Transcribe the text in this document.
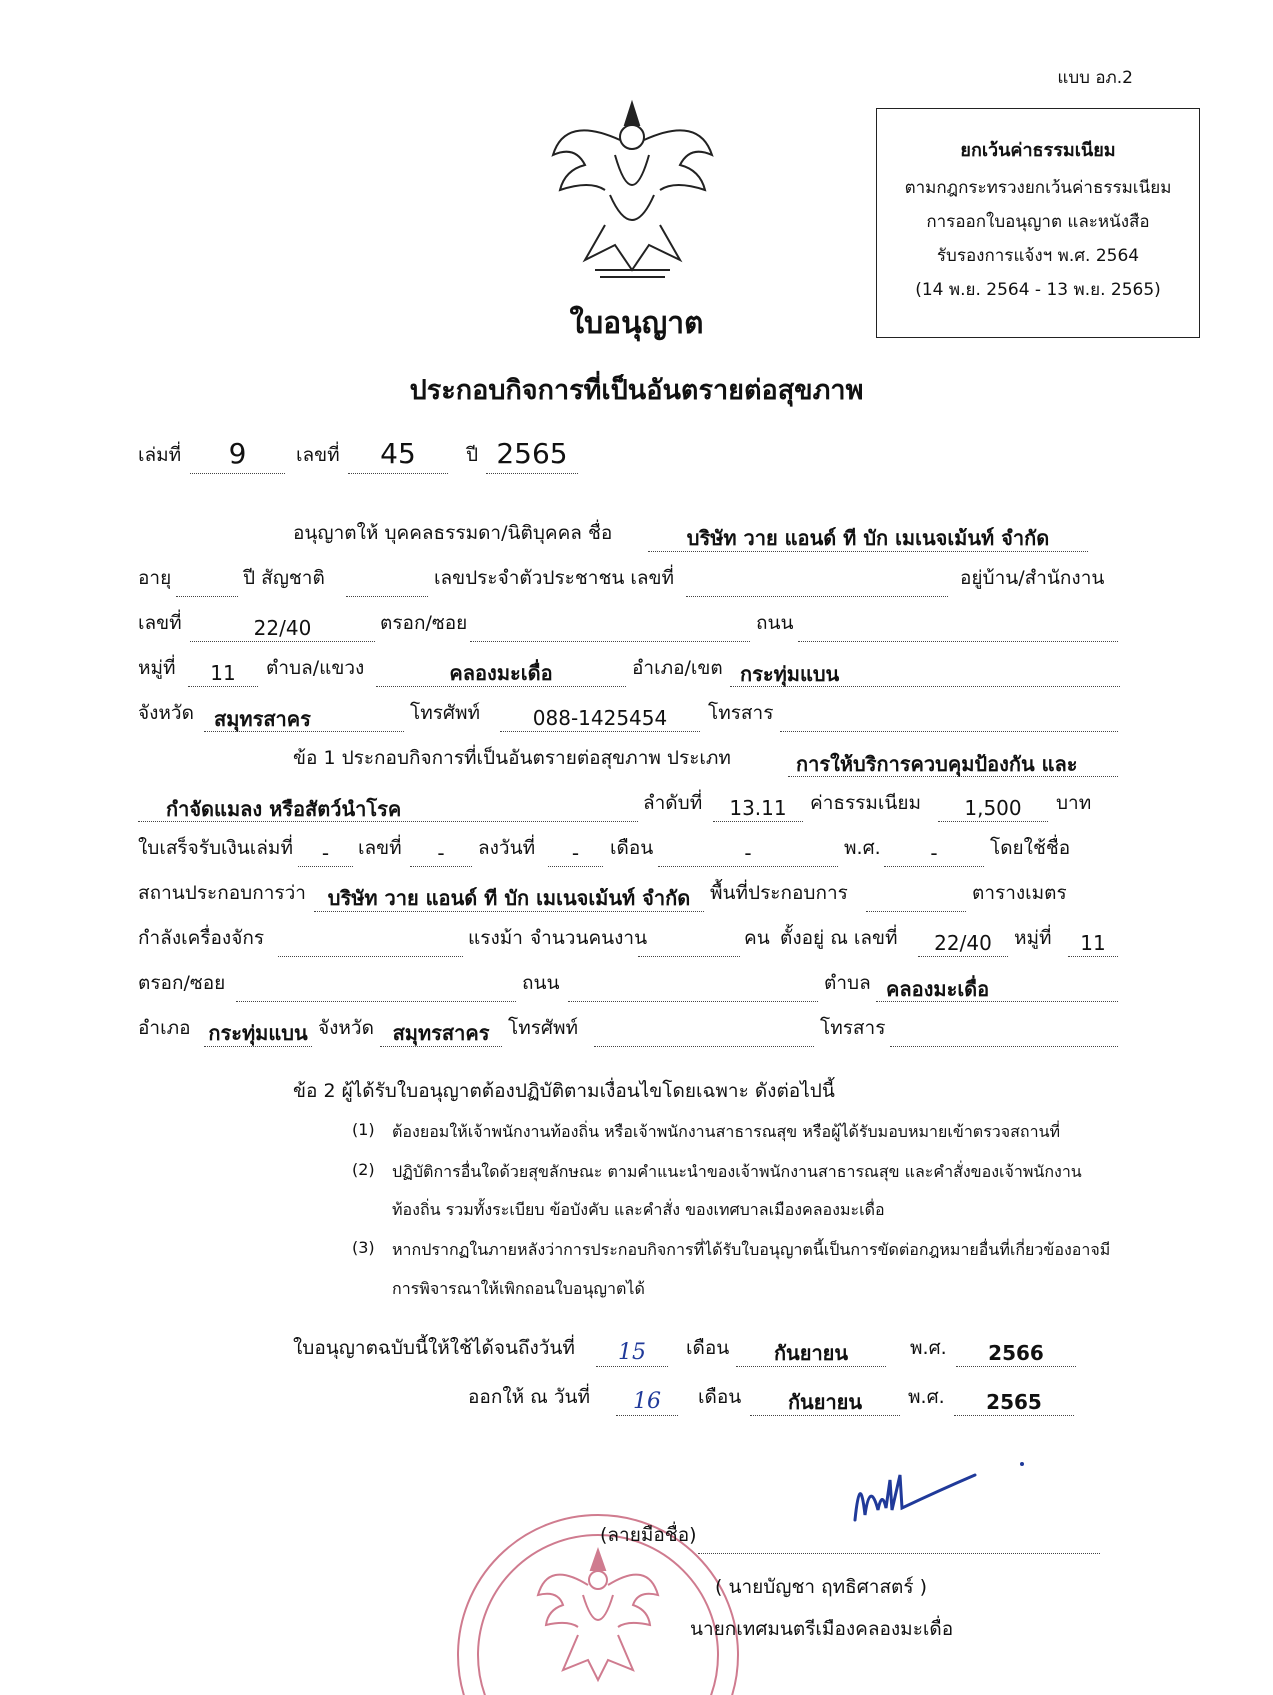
แบบ อภ.2
ยกเว้นค่าธรรมเนียม
ตามกฎกระทรวงยกเว้นค่าธรรมเนียม
การออกใบอนุญาต และหนังสือ
รับรองการแจ้งฯ พ.ศ. 2564
(14 พ.ย. 2564 - 13 พ.ย. 2565)
ใบอนุญาต
ประกอบกิจการที่เป็นอันตรายต่อสุขภาพ
เล่มที่	9	เลขที่	45	ปี 2565
อนุญาตให้ บุคคลธรรมดา/นิติบุคคล ชื่อ	บริษัท วาย แอนด์ ที บัก เมเนจเม้นท์ จำกัด
อายุ	ปี สัญชาติ	เลขประจำตัวประชาชน เลขที่	อยู่บ้าน/สำนักงาน
เลขที่	22/40	ตรอก/ซอย	ถนน
หมู่ที่	11	ตำบล/แขวง	คลองมะเดื่อ	อำเภอ/เขต กระทุ่มแบน
จังหวัด	สมุทรสาคร	โทรศัพท์	088-1425454	โทรสาร
ข้อ 1 ประกอบกิจการที่เป็นอันตรายต่อสุขภาพ ประเภท	การให้บริการควบคุมป้องกัน และ
กำจัดแมลง หรือสัตว์นำโรค	ลำดับที่	13.11	ค่าธรรมเนียม	1,500	บาท
ใบเสร็จรับเงินเล่มที่	-	เลขที่	-	ลงวันที่	-	เดือน	-	พ.ศ.	-	โดยใช้ชื่อ
สถานประกอบการว่า	บริษัท วาย แอนด์ ที บัก เมเนจเม้นท์ จำกัด	พื้นที่ประกอบการ	ตารางเมตร
กำลังเครื่องจักร	แรงม้า จำนวนคนงาน	คน ตั้งอยู่ ณ เลขที่	22/40	หมู่ที่	11
ตรอก/ซอย	ถนน	ตำบล คลองมะเดื่อ
อำเภอ กระทุ่มแบน จังหวัด สมุทรสาคร โทรศัพท์	โทรสาร
ข้อ 2 ผู้ได้รับใบอนุญาตต้องปฏิบัติตามเงื่อนไขโดยเฉพาะ ดังต่อไปนี้
(1) ต้องยอมให้เจ้าพนักงานท้องถิ่น หรือเจ้าพนักงานสาธารณสุข หรือผู้ได้รับมอบหมายเข้าตรวจสถานที่
(2) ปฏิบัติการอื่นใดด้วยสุขลักษณะ ตามคำแนะนำของเจ้าพนักงานสาธารณสุข และคำสั่งของเจ้าพนักงาน
ท้องถิ่น รวมทั้งระเบียบ ข้อบังคับ และคำสั่ง ของเทศบาลเมืองคลองมะเดื่อ
(3) หากปรากฏในภายหลังว่าการประกอบกิจการที่ได้รับใบอนุญาตนี้เป็นการขัดต่อกฎหมายอื่นที่เกี่ยวข้องอาจมี
การพิจารณาให้เพิกถอนใบอนุญาตได้
ใบอนุญาตฉบับนี้ให้ใช้ได้จนถึงวันที่	15	เดือน	กันยายน	พ.ศ.	2566
ออกให้ ณ วันที่	16	เดือน	กันยายน	พ.ศ.	2565
(ลายมือชื่อ)
( นายบัญชา ฤทธิศาสตร์ )
นายกเทศมนตรีเมืองคลองมะเดื่อ
